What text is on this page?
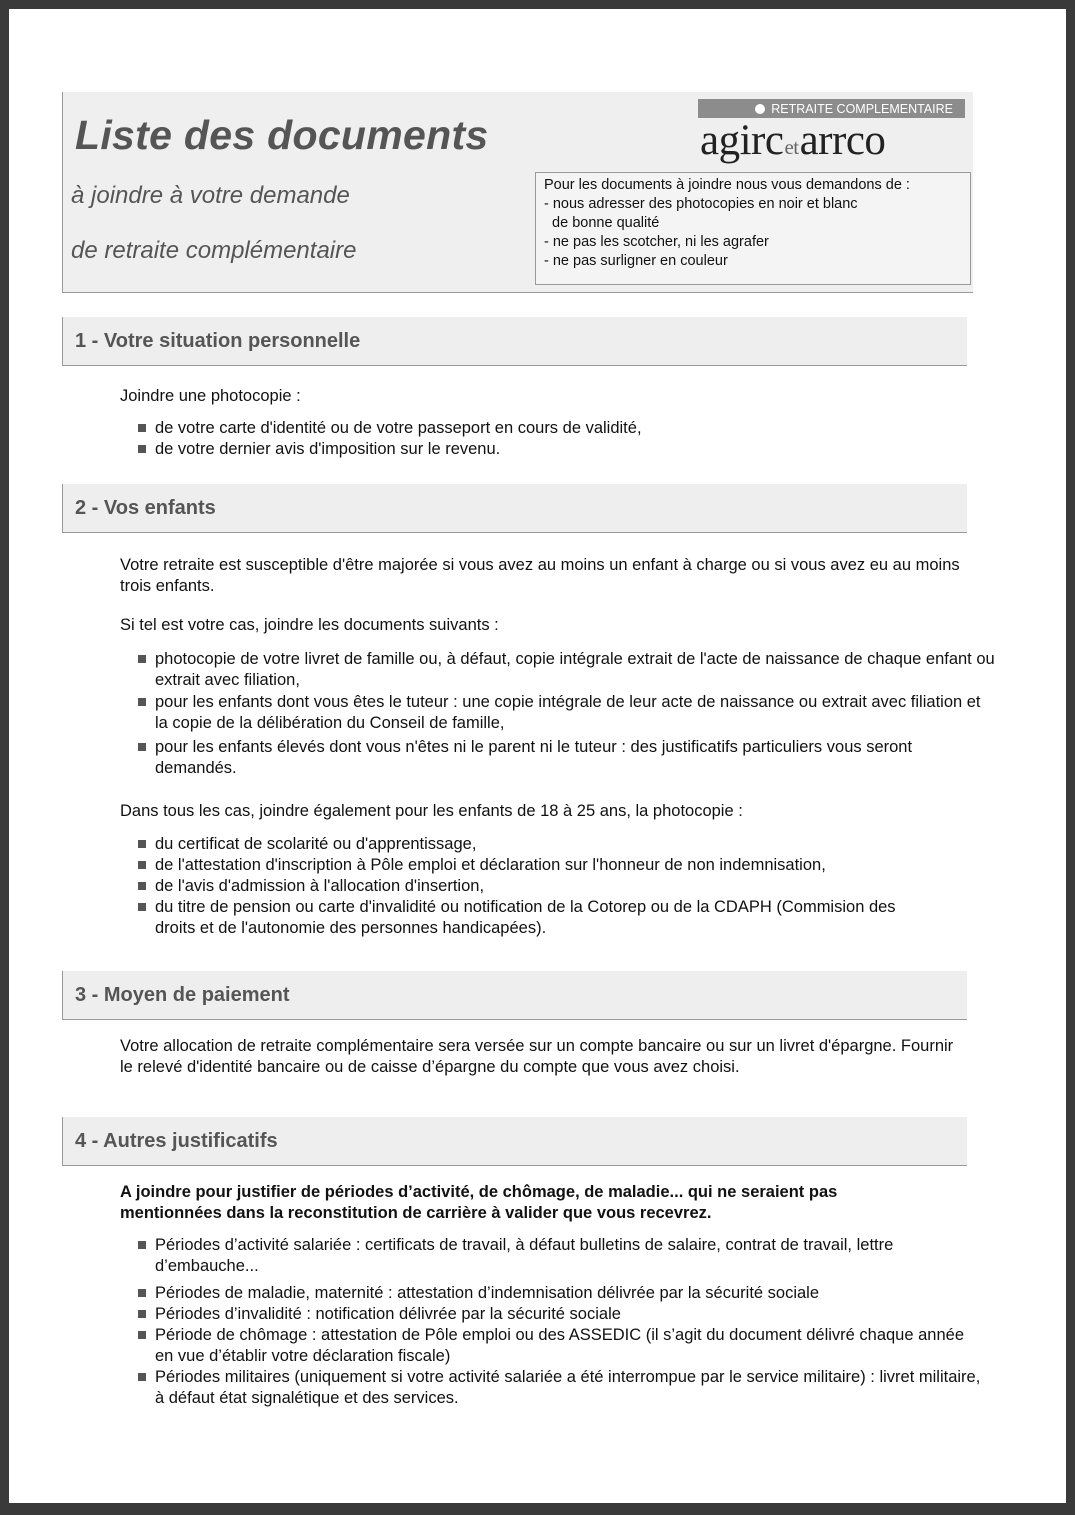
Liste des documents
à joindre à votre demande
de retraite complémentaire
RETRAITE COMPLEMENTAIRE
agircetarrco
Pour les documents à joindre nous vous demandons de :
- nous adresser des photocopies en noir et blanc
de bonne qualité
- ne pas les scotcher, ni les agrafer
- ne pas surligner en couleur
1 - Votre situation personnelle
Joindre une photocopie :
de votre carte d'identité ou de votre passeport en cours de validité,
de votre dernier avis d'imposition sur le revenu.
2 - Vos enfants
Votre retraite est susceptible d'être majorée si vous avez au moins un enfant à charge ou si vous avez eu au moins trois enfants.
Si tel est votre cas, joindre les documents suivants :
photocopie de votre livret de famille ou, à défaut, copie intégrale extrait de l'acte de naissance de chaque enfant ou extrait avec filiation,
pour les enfants dont vous êtes le tuteur : une copie intégrale de leur acte de naissance ou extrait avec filiation et la copie de la délibération du Conseil de famille,
pour les enfants élevés dont vous n'êtes ni le parent ni le tuteur : des justificatifs particuliers vous seront demandés.
Dans tous les cas, joindre également pour les enfants de 18 à 25 ans, la photocopie :
du certificat de scolarité ou d'apprentissage,
de l'attestation d'inscription à Pôle emploi et déclaration sur l'honneur de non indemnisation,
de l'avis d'admission à l'allocation d'insertion,
du titre de pension ou carte d'invalidité ou notification de la Cotorep ou de la CDAPH (Commision des droits et de l'autonomie des personnes handicapées).
3 - Moyen de paiement
Votre allocation de retraite complémentaire sera versée sur un compte bancaire ou sur un livret d'épargne. Fournir le relevé d'identité bancaire ou de caisse d’épargne du compte que vous avez choisi.
4 - Autres justificatifs
A joindre pour justifier de périodes d’activité, de chômage, de maladie... qui ne seraient pas mentionnées dans la reconstitution de carrière à valider que vous recevrez.
Périodes d’activité salariée : certificats de travail, à défaut bulletins de salaire, contrat de travail, lettre d’embauche...
Périodes de maladie, maternité : attestation d’indemnisation délivrée par la sécurité sociale
Périodes d’invalidité : notification délivrée par la sécurité sociale
Période de chômage : attestation de Pôle emploi ou des ASSEDIC (il s’agit du document délivré chaque année en vue d’établir votre déclaration fiscale)
Périodes militaires (uniquement si votre activité salariée a été interrompue par le service militaire) : livret militaire, à défaut état signalétique et des services.
